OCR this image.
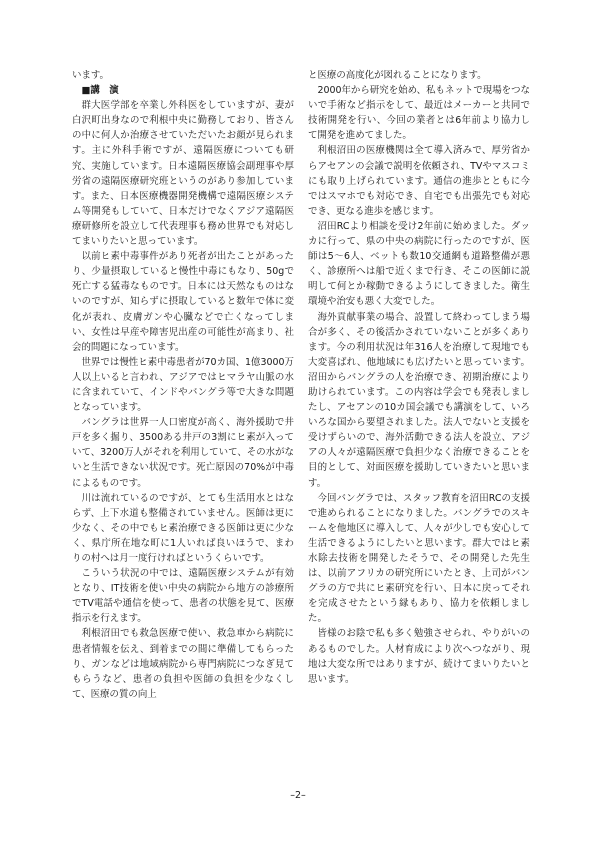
います。

■講　演

群大医学部を卒業し外科医をしていますが、妻が白沢町出身なので利根中央に勤務しており、皆さんの中に何人か治療させていただいたお顔が見られます。主に外科手術ですが、遠隔医療についても研究、実施しています。日本遠隔医療協会副理事や厚労省の遠隔医療研究班というのがあり参加しています。また、日本医療機器開発機構で遠隔医療システム等開発もしていて、日本だけでなくアジア遠隔医療研修所を設立して代表理事も務め世界でも対応してまいりたいと思っています。

以前ヒ素中毒事件があり死者が出たことがあったり、少量摂取していると慢性中毒にもなり、50gで死亡する猛毒なものです。日本には天然なものはないのですが、知らずに摂取していると数年で体に変化が表れ、皮膚ガンや心臓などで亡くなってしまい、女性は早産や障害児出産の可能性が高まり、社会的問題になっています。

世界では慢性ヒ素中毒患者が70カ国、1億3000万人以上いると言われ、アジアではヒマラヤ山脈の水に含まれていて、インドやバングラ等で大きな問題となっています。

バングラは世界一人口密度が高く、海外援助で井戸を多く掘り、3500ある井戸の3割にヒ素が入っていて、3200万人がそれを利用していて、その水がないと生活できない状況です。死亡原因の70%が中毒によるものです。

川は流れているのですが、とても生活用水とはならず、上下水道も整備されていません。医師は更に少なく、その中でもヒ素治療できる医師は更に少なく、県庁所在地な町に1人いれば良いほうで、まわりの村へは月一度行ければというくらいです。

こういう状況の中では、遠隔医療システムが有効となり、IT技術を使い中央の病院から地方の診療所でTV電話や通信を使って、患者の状態を見て、医療指示を行えます。

利根沼田でも救急医療で使い、救急車から病院に患者情報を伝え、到着までの間に準備してもらったり、ガンなどは地域病院から専門病院につなぎ見てもらうなど、患者の負担や医師の負担を少なくして、医療の質の向上

と医療の高度化が図れることになります。

2000年から研究を始め、私もネットで現場をつないで手術など指示をして、最近はメーカーと共同で技術開発を行い、今回の業者とは6年前より協力して開発を進めてました。

利根沼田の医療機関は全て導入済みで、厚労省からアセアンの会議で説明を依頼され、TVやマスコミにも取り上げられています。通信の進歩とともに今ではスマホでも対応でき、自宅でも出張先でも対応でき、更なる進歩を感じます。

沼田RCより相談を受け2年前に始めました。ダッカに行って、県の中央の病院に行ったのですが、医師は5～6人、ベットも数10交通網も道路整備が悪く、診療所へは船で近くまで行き、そこの医師に説明して何とか稼動できるようにしてきました。衛生環境や治安も悪く大変でした。

海外貢献事業の場合、設置して終わってしまう場合が多く、その後活かされていないことが多くあります。今の利用状況は年316人を治療して現地でも大変喜ばれ、他地域にも広げたいと思っています。沼田からバングラの人を治療でき、初期治療により助けられています。この内容は学会でも発表しましたし、アセアンの10カ国会議でも講演をして、いろいろな国から要望されました。法人でないと支援を受けずらいので、海外活動できる法人を設立、アジアの人々が遠隔医療で負担少なく治療できることを目的として、対面医療を援助していきたいと思います。

今回バングラでは、スタッフ教育を沼田RCの支援で進められることになりました。バングラでのスキームを他地区に導入して、人々が少しでも安心して生活できるようにしたいと思います。群大ではヒ素水除去技術を開発したそうで、その開発した先生は、以前アフリカの研究所にいたとき、上司がバングラの方で共にヒ素研究を行い、日本に戻ってそれを完成させたという縁もあり、協力を依頼しました。

皆様のお陰で私も多く勉強させられ、やりがいのあるものでした。人材育成により次へつながり、現地は大変な所ではありますが、続けてまいりたいと思います。

–2–
